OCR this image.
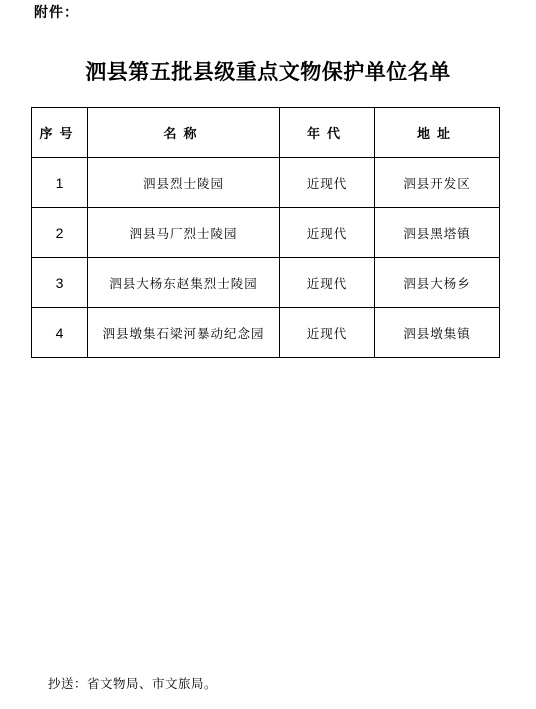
附件：
泗县第五批县级重点文物保护单位名单
序号	名称	年代	地址
1	泗县烈士陵园	近现代	泗县开发区
2	泗县马厂烈士陵园	近现代	泗县黑塔镇
3	泗县大杨东赵集烈士陵园	近现代	泗县大杨乡
4	泗县墩集石梁河暴动纪念园	近现代	泗县墩集镇
抄送：省文物局、市文旅局。
